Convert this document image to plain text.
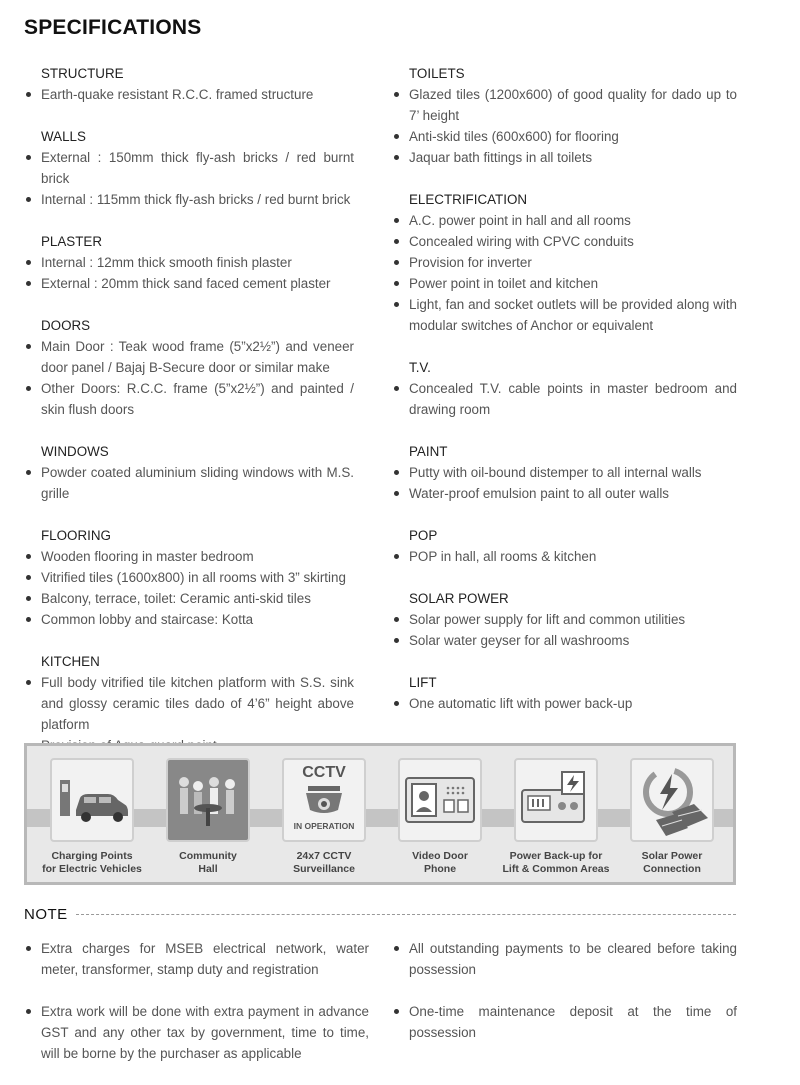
SPECIFICATIONS
STRUCTURE
Earth-quake resistant R.C.C. framed structure
WALLS
External : 150mm thick fly-ash bricks / red burnt brick
Internal : 115mm thick fly-ash bricks / red burnt brick
PLASTER
Internal : 12mm thick smooth finish plaster
External : 20mm thick sand faced cement plaster
DOORS
Main Door : Teak wood frame (5”x2½”) and veneer door panel / Bajaj B-Secure door or similar make
Other Doors: R.C.C. frame (5”x2½”) and painted / skin flush doors
WINDOWS
Powder coated aluminium sliding windows with M.S. grille
FLOORING
Wooden flooring in master bedroom
Vitrified tiles (1600x800) in all rooms with 3” skirting
Balcony, terrace, toilet: Ceramic anti-skid tiles
Common lobby and staircase: Kotta
KITCHEN
Full body vitrified tile kitchen platform with S.S. sink and glossy ceramic tiles dado of 4’6” height above platform
TOILETS
Glazed tiles (1200x600) of good quality for dado up to 7’ height
Anti-skid tiles (600x600) for flooring
Jaquar bath fittings in all toilets
ELECTRIFICATION
A.C. power point in hall and all rooms
Concealed wiring with CPVC conduits
Provision for inverter
Power point in toilet and kitchen
Light, fan and socket outlets will be provided along with modular switches of Anchor or equivalent
T.V.
Concealed T.V. cable points in master bedroom and drawing room
PAINT
Putty with oil-bound distemper to all internal walls
Water-proof emulsion paint to all outer walls
POP
POP in hall, all rooms & kitchen
SOLAR POWER
Solar power supply for lift and common utilities
Solar water geyser for all washrooms
LIFT
One automatic lift with power back-up
Charging Points
for Electric Vehicles
Community
Hall
CCTV
IN OPERATION
24x7 CCTV
Surveillance
Video Door
Phone
Power Back-up for
Lift & Common Areas
Solar Power
Connection
NOTE
Extra charges for MSEB electrical network, water meter, transformer, stamp duty and registration
Extra work will be done with extra payment in advance GST and any other tax by government, time to time, will be borne by the purchaser as applicable
All outstanding payments to be cleared before taking possession
One-time maintenance deposit at the time of possession
